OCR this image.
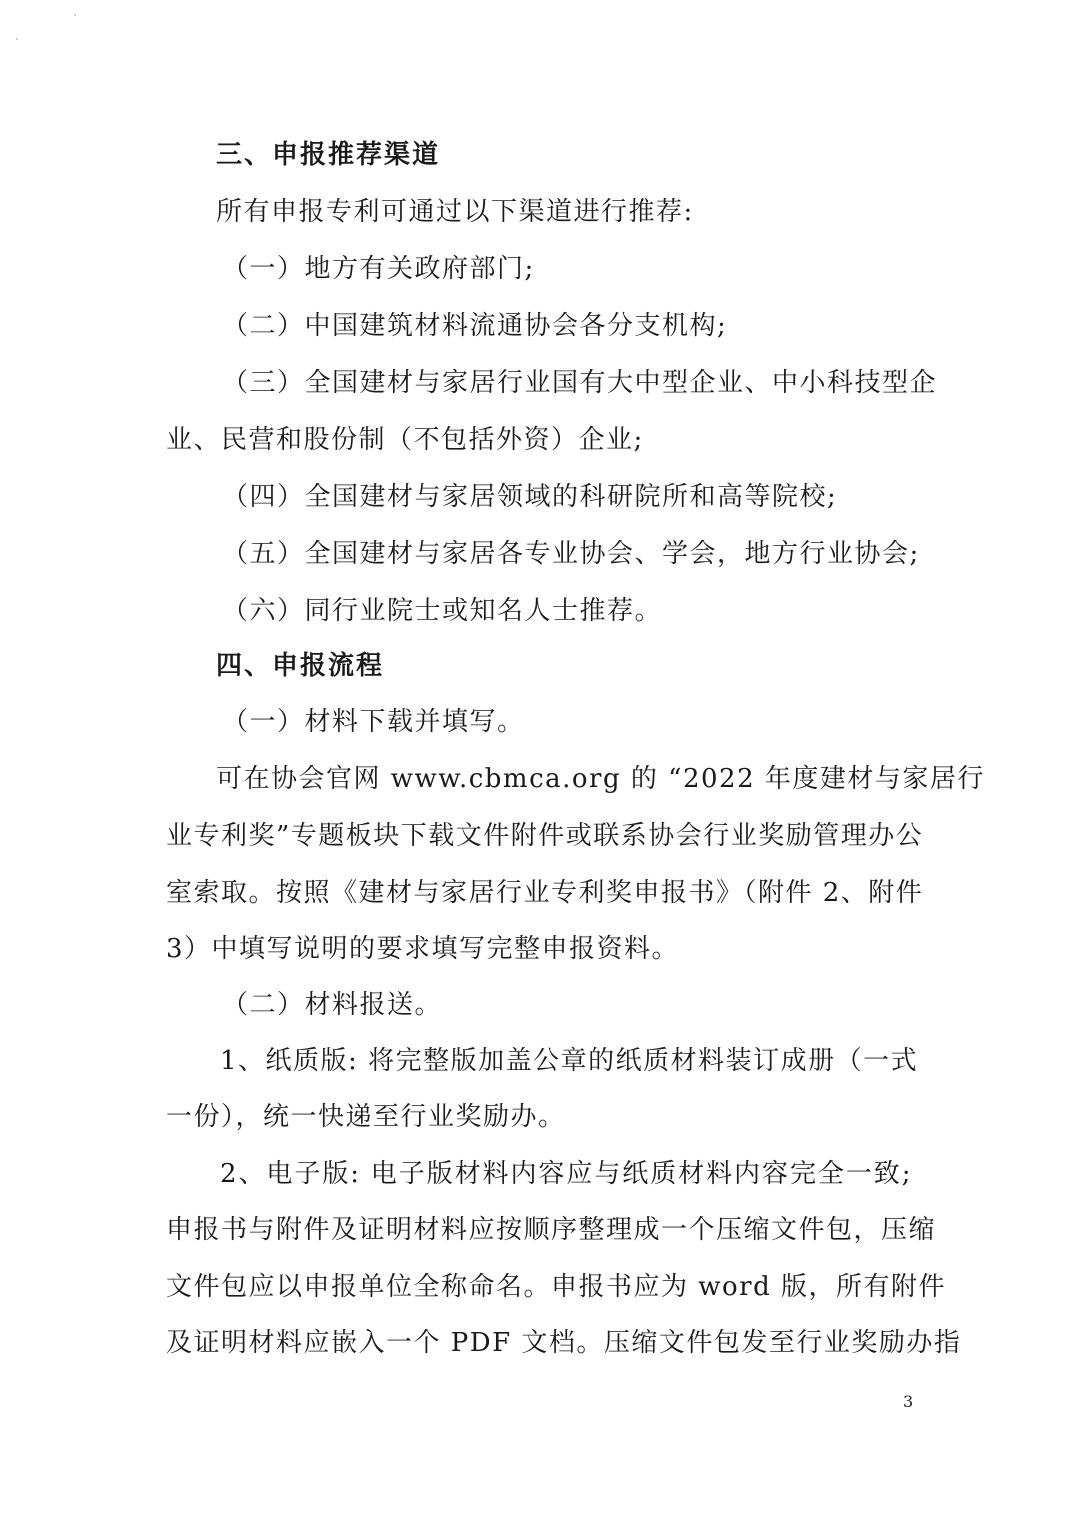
三、申报推荐渠道
所有申报专利可通过以下渠道进行推荐:
（一）地方有关政府部门;
（二）中国建筑材料流通协会各分支机构;
（三）全国建材与家居行业国有大中型企业、中小科技型企
业、民营和股份制（不包括外资）企业;
（四）全国建材与家居领域的科研院所和高等院校;
（五）全国建材与家居各专业协会、学会，地方行业协会;
（六）同行业院士或知名人士推荐。
四、申报流程
（一）材料下载并填写。
可在协会官网 www.cbmca.org 的 “2022 年度建材与家居行
业专利奖”专题板块下载文件附件或联系协会行业奖励管理办公
室索取。按照《建材与家居行业专利奖申报书》（附件 2、附件
3）中填写说明的要求填写完整申报资料。
（二）材料报送。
1、纸质版: 将完整版加盖公章的纸质材料装订成册（一式
一份），统一快递至行业奖励办。
2、电子版: 电子版材料内容应与纸质材料内容完全一致;
申报书与附件及证明材料应按顺序整理成一个压缩文件包，压缩
文件包应以申报单位全称命名。申报书应为 word 版，所有附件
及证明材料应嵌入一个 PDF 文档。压缩文件包发至行业奖励办指
3
